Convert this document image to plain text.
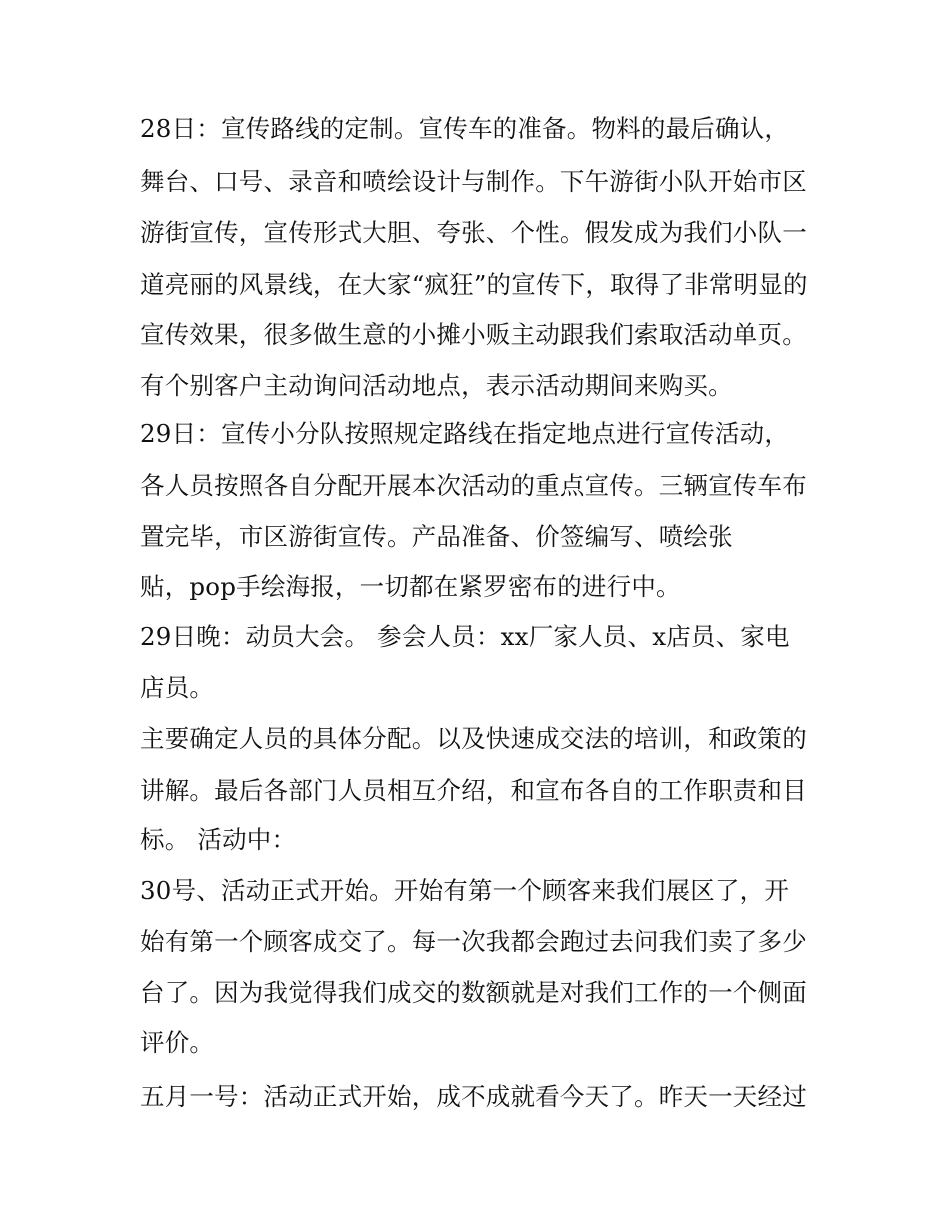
28日：宣传路线的定制。宣传车的准备。物料的最后确认，
舞台、口号、录音和喷绘设计与制作。下午游街小队开始市区
游街宣传，宣传形式大胆、夸张、个性。假发成为我们小队一
道亮丽的风景线，在大家“疯狂”的宣传下，取得了非常明显的
宣传效果，很多做生意的小摊小贩主动跟我们索取活动单页。
有个别客户主动询问活动地点，表示活动期间来购买。
29日：宣传小分队按照规定路线在指定地点进行宣传活动，
各人员按照各自分配开展本次活动的重点宣传。三辆宣传车布
置完毕，市区游街宣传。产品准备、价签编写、喷绘张
贴，pop手绘海报，一切都在紧罗密布的进行中。
29日晚：动员大会。 参会人员：xx厂家人员、x店员、家电
店员。
主要确定人员的具体分配。以及快速成交法的培训，和政策的
讲解。最后各部门人员相互介绍，和宣布各自的工作职责和目
标。 活动中：
30号、活动正式开始。开始有第一个顾客来我们展区了，开
始有第一个顾客成交了。每一次我都会跑过去问我们卖了多少
台了。因为我觉得我们成交的数额就是对我们工作的一个侧面
评价。
五月一号：活动正式开始，成不成就看今天了。昨天一天经过
